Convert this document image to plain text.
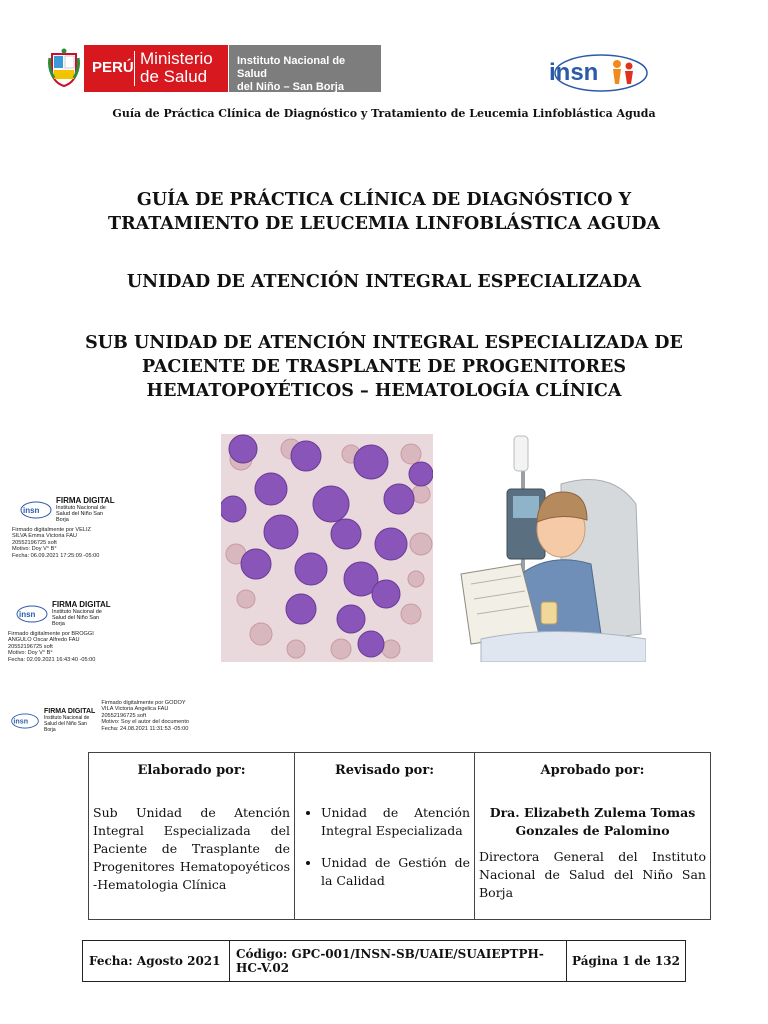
PERÚ Ministerio
de Salud
Instituto Nacional de Salud
del Niño – San Borja
insn
Guía de Práctica Clínica de Diagnóstico y Tratamiento de Leucemia Linfoblástica Aguda
GUÍA DE PRÁCTICA CLÍNICA DE DIAGNÓSTICO Y
TRATAMIENTO DE LEUCEMIA LINFOBLÁSTICA AGUDA
UNIDAD DE ATENCIÓN INTEGRAL ESPECIALIZADA
SUB UNIDAD DE ATENCIÓN INTEGRAL ESPECIALIZADA DE
PACIENTE DE TRASPLANTE DE PROGENITORES
HEMATOPOYÉTICOS – HEMATOLOGÍA CLÍNICA
insn
FIRMA DIGITAL
Instituto Nacional de
Salud del Niño San
Borja
Firmado digitalmente por VELIZ
SILVA Emma Victoria FAU
20552196725 soft
Motivo: Doy V° B°
Fecha: 06.09.2021 17:25:09 -05:00
insn
FIRMA DIGITAL
Instituto Nacional de
Salud del Niño San
Borja
Firmado digitalmente por BROGGI
ANGULO Oscar Alfredo FAU
20552196725 soft
Motivo: Doy V° B°
Fecha: 02.09.2021 16:43:40 -05:00
insn
FIRMA DIGITAL
Instituto Nacional de
Salud del Niño San
Borja
Firmado digitalmente por GODOY
VILA Victoria Angelica FAU
20552196725 soft
Motivo: Soy el autor del documento
Fecha: 24.08.2021 11:31:53 -05:00
Elaborado por:
Sub Unidad de Atención Integral Especializada del Paciente de Trasplante de Progenitores Hematopoyéticos -Hematologia Clínica
Revisado por:
• Unidad de Atención Integral Especializada
• Unidad de Gestión de la Calidad
Aprobado por:
Dra. Elizabeth Zulema Tomas Gonzales de Palomino
Directora General del Instituto Nacional de Salud del Niño San Borja
Fecha: Agosto 2021	Código: GPC-001/INSN-SB/UAIE/SUAIEPTPH-HC-V.02	Página 1 de 132
